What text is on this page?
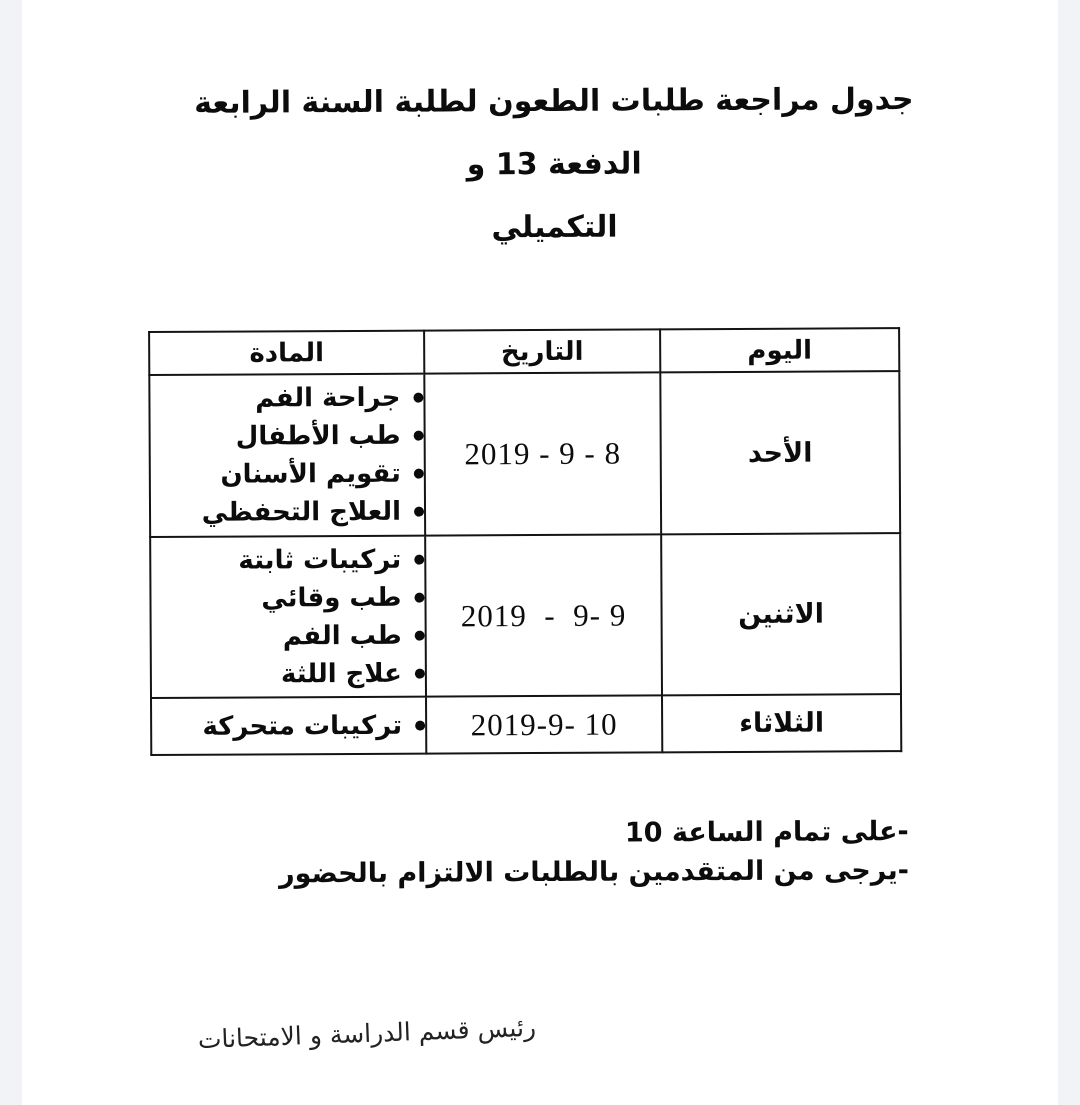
جدول مراجعة طلبات الطعون لطلبة السنة الرابعة الدفعة 13 و
التكميلي
اليوم	التاريخ	المادة
الأحد	2019 - 9 - 8	جراحة الفم
طب الأطفال
تقويم الأسنان
العلاج التحفظي

الاثنين	2019  -  9- 9	تركيبات ثابتة
طب وقائي
طب الفم
علاج اللثة

الثلاثاء	2019-9- 10	تركيبات متحركة
-على تمام الساعة 10
-يرجى من المتقدمين بالطلبات الالتزام بالحضور
رئيس قسم الدراسة و الامتحانات
